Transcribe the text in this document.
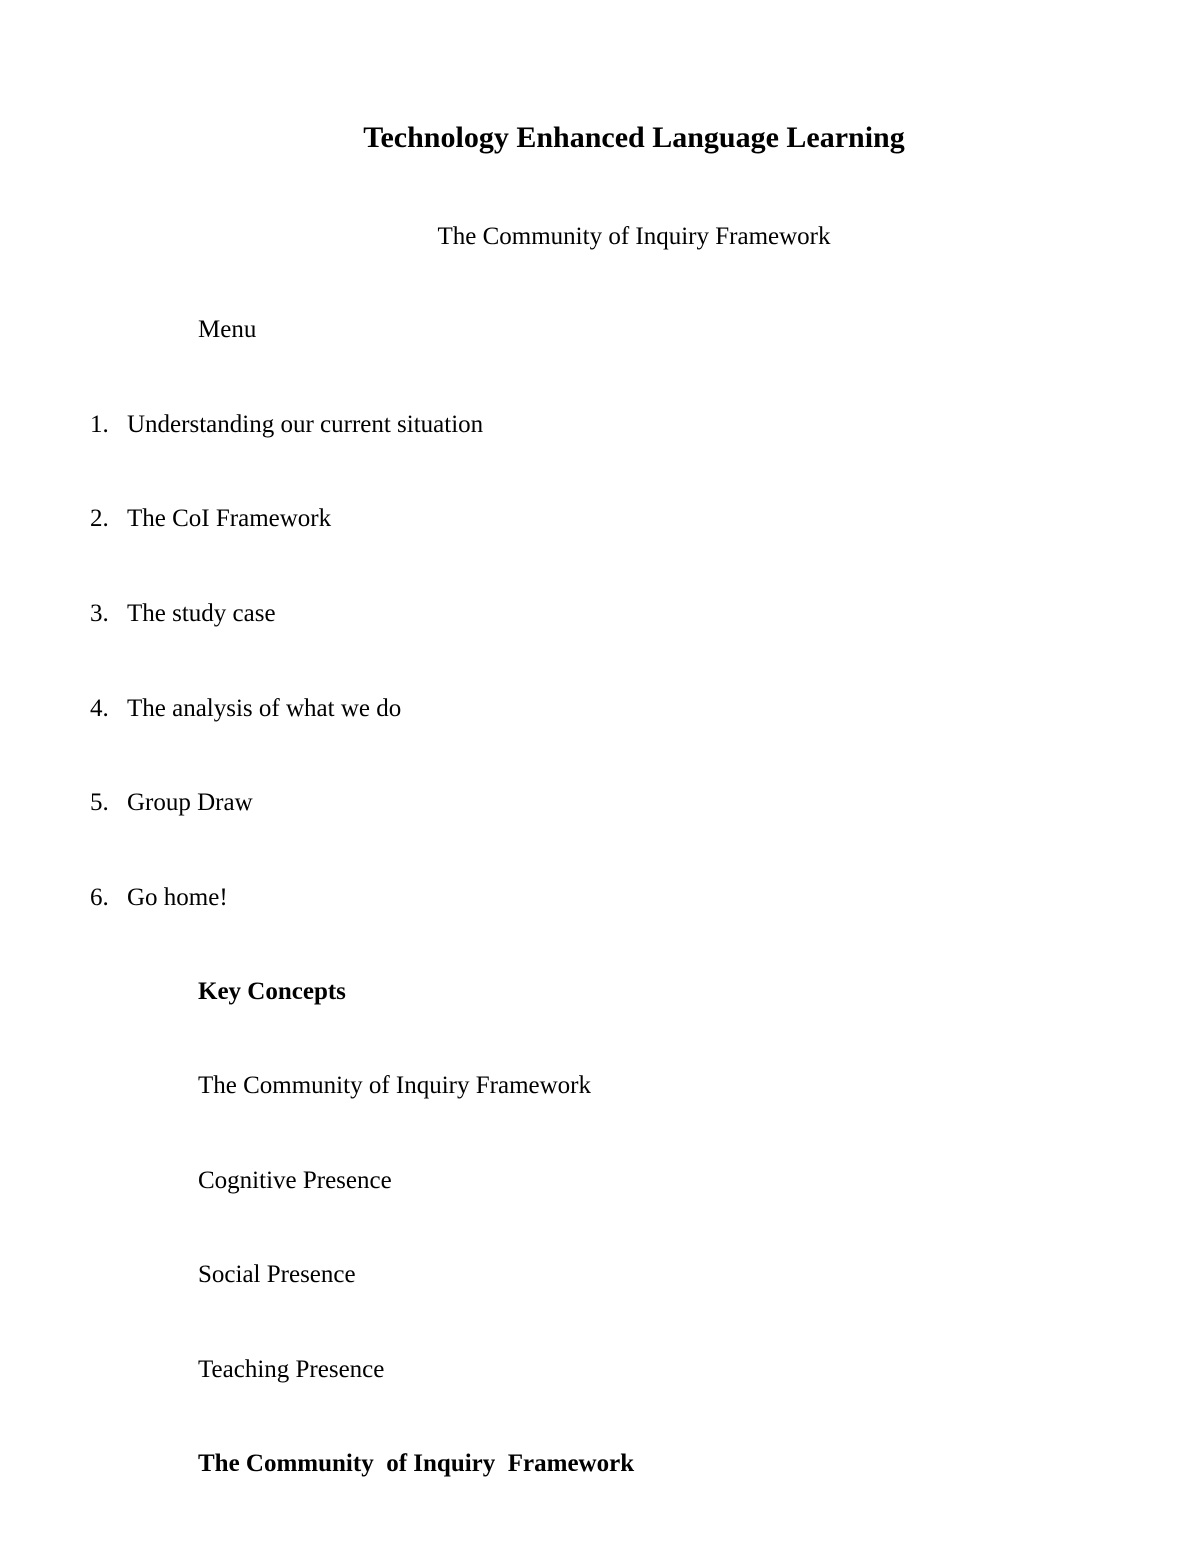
Technology Enhanced Language Learning

The Community of Inquiry Framework

Menu

1. Understanding our current situation
2. The CoI Framework
3. The study case
4. The analysis of what we do
5. Group Draw
6. Go home!

Key Concepts

The Community of Inquiry Framework

Cognitive Presence

Social Presence

Teaching Presence

The Community  of Inquiry  Framework
